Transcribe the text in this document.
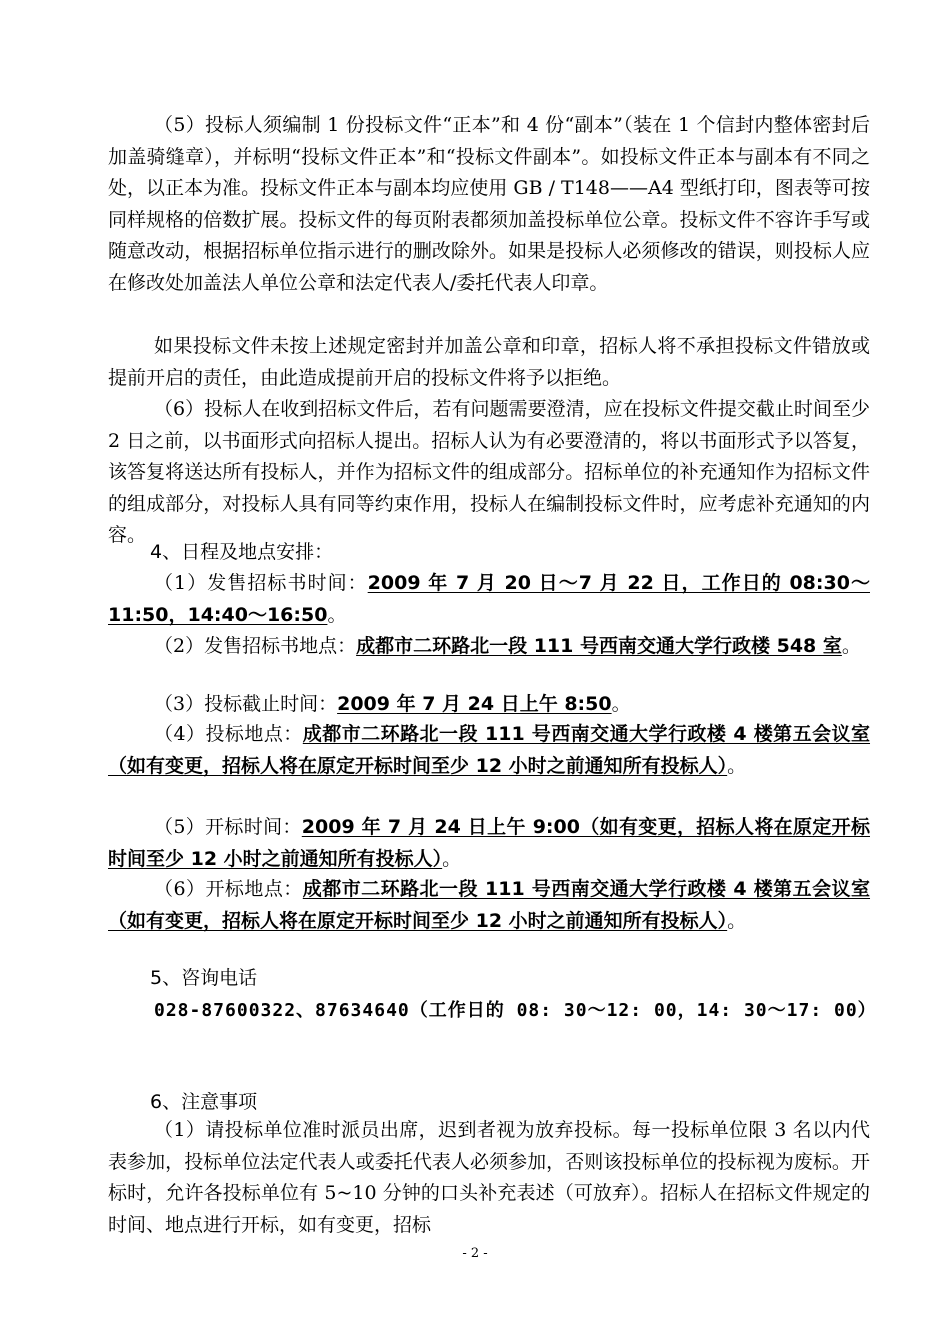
（5）投标人须编制 1 份投标文件“正本”和 4 份“副本”（装在 1 个信封内整体密封后加盖骑缝章），并标明“投标文件正本”和“投标文件副本”。如投标文件正本与副本有不同之处，以正本为准。投标文件正本与副本均应使用 GB / T148——A4 型纸打印，图表等可按同样规格的倍数扩展。投标文件的每页附表都须加盖投标单位公章。投标文件不容许手写或随意改动，根据招标单位指示进行的删改除外。如果是投标人必须修改的错误，则投标人应在修改处加盖法人单位公章和法定代表人/委托代表人印章。
如果投标文件未按上述规定密封并加盖公章和印章，招标人将不承担投标文件错放或提前开启的责任，由此造成提前开启的投标文件将予以拒绝。
（6）投标人在收到招标文件后，若有问题需要澄清，应在投标文件提交截止时间至少 2 日之前，以书面形式向招标人提出。招标人认为有必要澄清的，将以书面形式予以答复，该答复将送达所有投标人，并作为招标文件的组成部分。招标单位的补充通知作为招标文件的组成部分，对投标人具有同等约束作用，投标人在编制投标文件时，应考虑补充通知的内容。
4、日程及地点安排：
（1）发售招标书时间：2009 年 7 月 20 日～7 月 22 日，工作日的 08:30～11:50，14:40～16:50。
（2）发售招标书地点：成都市二环路北一段 111 号西南交通大学行政楼 548 室。
（3）投标截止时间：2009 年 7 月 24 日上午 8:50。
（4）投标地点：成都市二环路北一段 111 号西南交通大学行政楼 4 楼第五会议室（如有变更，招标人将在原定开标时间至少 12 小时之前通知所有投标人）。
（5）开标时间：2009 年 7 月 24 日上午 9:00（如有变更，招标人将在原定开标时间至少 12 小时之前通知所有投标人）。
（6）开标地点：成都市二环路北一段 111 号西南交通大学行政楼 4 楼第五会议室（如有变更，招标人将在原定开标时间至少 12 小时之前通知所有投标人）。
5、咨询电话
028-87600322、87634640（工作日的 08: 30～12: 00，14: 30～17: 00）
6、注意事项
（1）请投标单位准时派员出席，迟到者视为放弃投标。每一投标单位限 3 名以内代表参加，投标单位法定代表人或委托代表人必须参加，否则该投标单位的投标视为废标。开标时，允许各投标单位有 5~10 分钟的口头补充表述（可放弃）。招标人在招标文件规定的时间、地点进行开标，如有变更，招标
- 2 -
